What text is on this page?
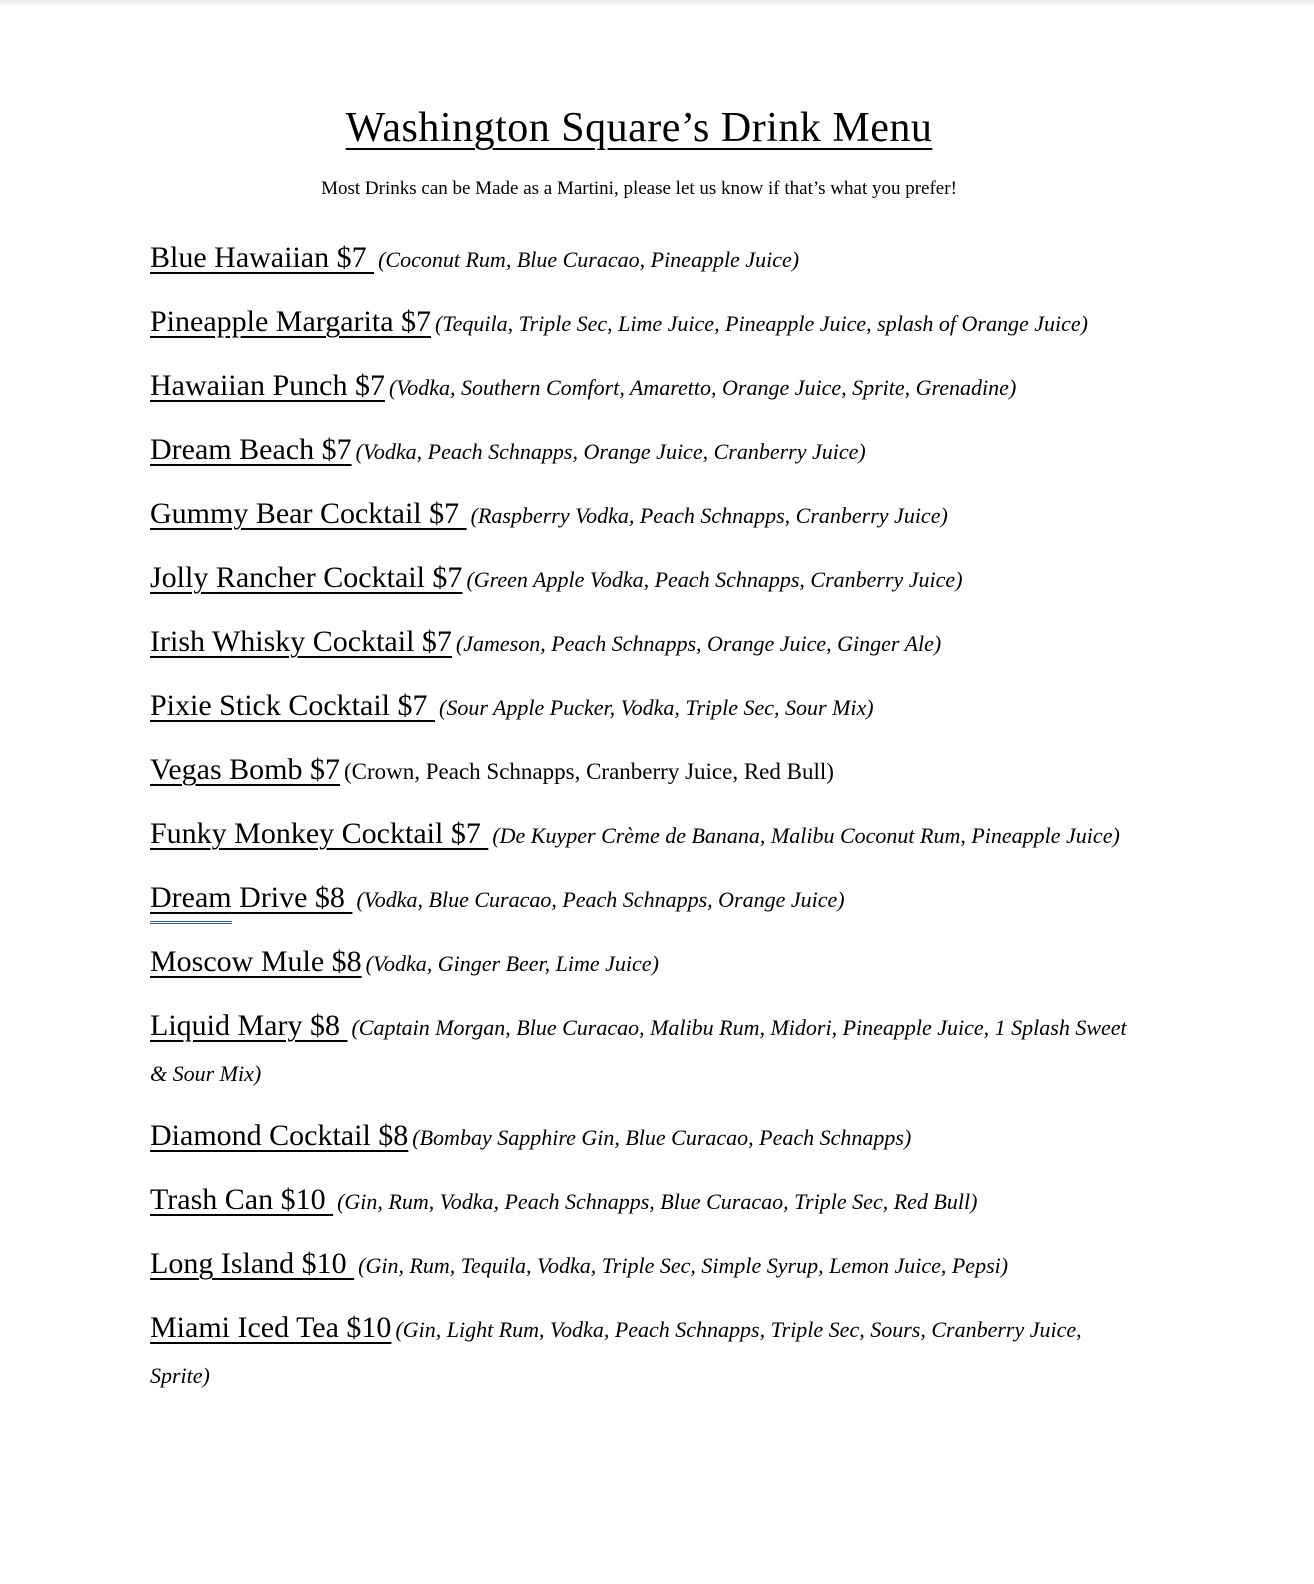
Washington Square’s Drink Menu

Most Drinks can be Made as a Martini, please let us know if that’s what you prefer!

Blue Hawaiian $7  (Coconut Rum, Blue Curacao, Pineapple Juice)

Pineapple Margarita $7 (Tequila, Triple Sec, Lime Juice, Pineapple Juice, splash of Orange Juice)

Hawaiian Punch $7 (Vodka, Southern Comfort, Amaretto, Orange Juice, Sprite, Grenadine)

Dream Beach $7 (Vodka, Peach Schnapps, Orange Juice, Cranberry Juice)

Gummy Bear Cocktail $7  (Raspberry Vodka, Peach Schnapps, Cranberry Juice)

Jolly Rancher Cocktail $7 (Green Apple Vodka, Peach Schnapps, Cranberry Juice)

Irish Whisky Cocktail $7 (Jameson, Peach Schnapps, Orange Juice, Ginger Ale)

Pixie Stick Cocktail $7  (Sour Apple Pucker, Vodka, Triple Sec, Sour Mix)

Vegas Bomb $7 (Crown, Peach Schnapps, Cranberry Juice, Red Bull)

Funky Monkey Cocktail $7  (De Kuyper Crème de Banana, Malibu Coconut Rum, Pineapple Juice)

Dream Drive $8  (Vodka, Blue Curacao, Peach Schnapps, Orange Juice)

Moscow Mule $8 (Vodka, Ginger Beer, Lime Juice)

Liquid Mary $8  (Captain Morgan, Blue Curacao, Malibu Rum, Midori, Pineapple Juice, 1 Splash Sweet & Sour Mix)

Diamond Cocktail $8 (Bombay Sapphire Gin, Blue Curacao, Peach Schnapps)

Trash Can $10  (Gin, Rum, Vodka, Peach Schnapps, Blue Curacao, Triple Sec, Red Bull)

Long Island $10  (Gin, Rum, Tequila, Vodka, Triple Sec, Simple Syrup, Lemon Juice, Pepsi)

Miami Iced Tea $10 (Gin, Light Rum, Vodka, Peach Schnapps, Triple Sec, Sours, Cranberry Juice, Sprite)
